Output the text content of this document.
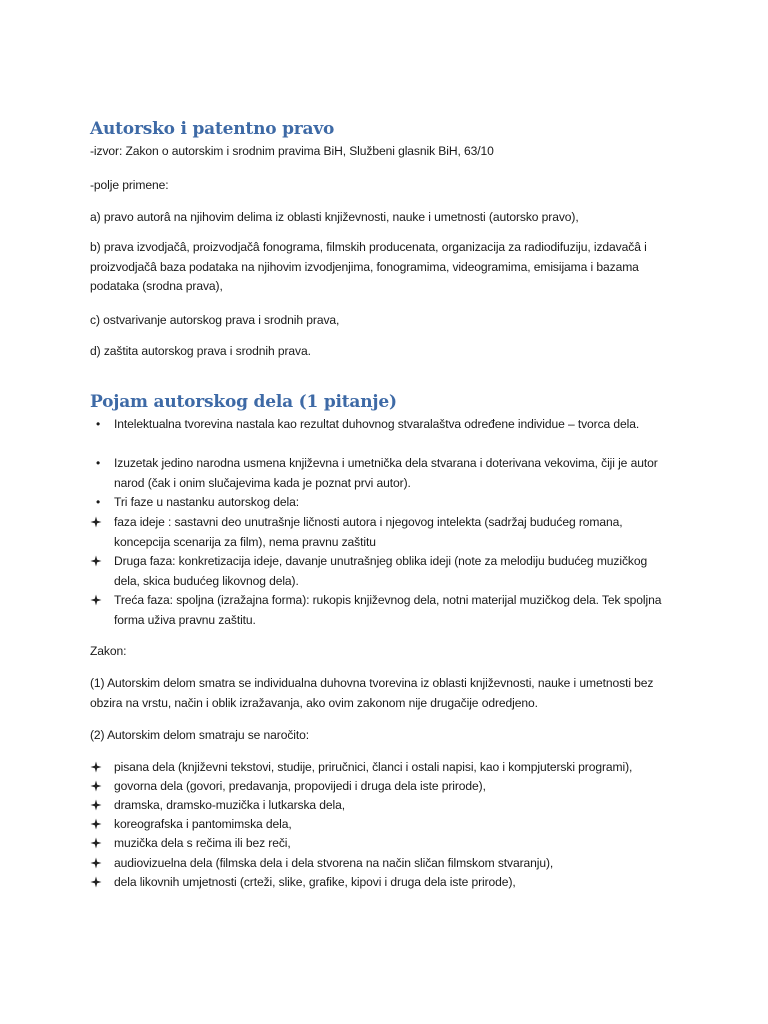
Autorsko i patentno pravo

-izvor: Zakon o autorskim i srodnim pravima BiH, Službeni glasnik BiH, 63/10

-polje primene:

a) pravo autorâ na njihovim delima iz oblasti književnosti, nauke i umetnosti (autorsko pravo),

b) prava izvodjačâ, proizvodjačâ fonograma, filmskih producenata, organizacija za radiodifuziju, izdavačâ i proizvodjačâ baza podataka na njihovim izvodjenjima, fonogramima, videogramima, emisijama i bazama podataka (srodna prava),

c) ostvarivanje autorskog prava i srodnih prava,

d) zaštita autorskog prava i srodnih prava.

Pojam autorskog dela (1 pitanje)
• Intelektualna tvorevina nastala kao rezultat duhovnog stvaralaštva određene individue – tvorca dela.
• Izuzetak jedino narodna usmena književna i umetnička dela stvarana i doterivana vekovima, čiji je autor narod (čak i onim slučajevima kada je poznat prvi autor).
• Tri faze u nastanku autorskog dela:
faza ideje : sastavni deo unutrašnje ličnosti autora i njegovog intelekta (sadržaj budućeg romana, koncepcija scenarija za film), nema pravnu zaštitu
Druga faza: konkretizacija ideje, davanje unutrašnjeg oblika ideji (note za melodiju budućeg muzičkog dela, skica budućeg likovnog dela).
Treća faza: spoljna (izražajna forma): rukopis književnog dela, notni materijal muzičkog dela. Tek spoljna forma uživa pravnu zaštitu.

Zakon:

(1) Autorskim delom smatra se individualna duhovna tvorevina iz oblasti književnosti, nauke i umetnosti bez obzira na vrstu, način i oblik izražavanja, ako ovim zakonom nije drugačije odredjeno.

(2) Autorskim delom smatraju se naročito:

pisana dela (književni tekstovi, studije, priručnici, članci i ostali napisi, kao i kompjuterski programi),
govorna dela (govori, predavanja, propovijedi i druga dela iste prirode),
dramska, dramsko-muzička i lutkarska dela,
koreografska i pantomimska dela,
muzička dela s rečima ili bez reči,
audiovizuelna dela (filmska dela i dela stvorena na način sličan filmskom stvaranju),
dela likovnih umjetnosti (crteži, slike, grafike, kipovi i druga dela iste prirode),
